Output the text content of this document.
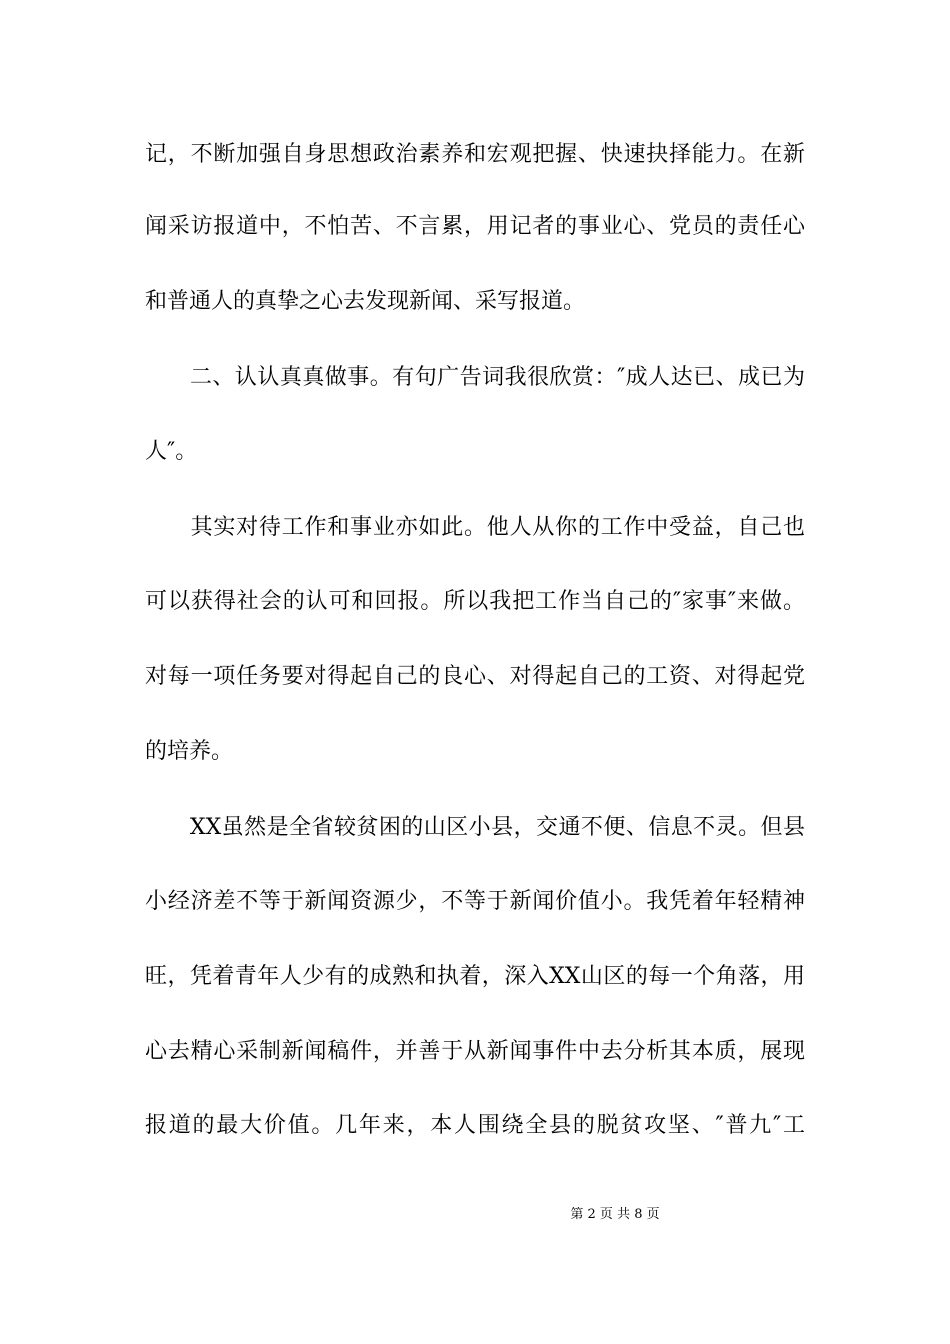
记，不断加强自身思想政治素养和宏观把握、快速抉择能力。在新
闻采访报道中，不怕苦、不言累，用记者的事业心、党员的责任心
和普通人的真挚之心去发现新闻、采写报道。
　　二、认认真真做事。有句广告词我很欣赏：″成人达已、成已为
人″。
　　其实对待工作和事业亦如此。他人从你的工作中受益，自己也
可以获得社会的认可和回报。所以我把工作当自己的″家事″来做。
对每一项任务要对得起自己的良心、对得起自己的工资、对得起党
的培养。
　　XX虽然是全省较贫困的山区小县，交通不便、信息不灵。但县
小经济差不等于新闻资源少，不等于新闻价值小。我凭着年轻精神
旺，凭着青年人少有的成熟和执着，深入XX山区的每一个角落，用
心去精心采制新闻稿件，并善于从新闻事件中去分析其本质，展现
报道的最大价值。几年来，本人围绕全县的脱贫攻坚、″普九″工
第 2 页 共 8 页
